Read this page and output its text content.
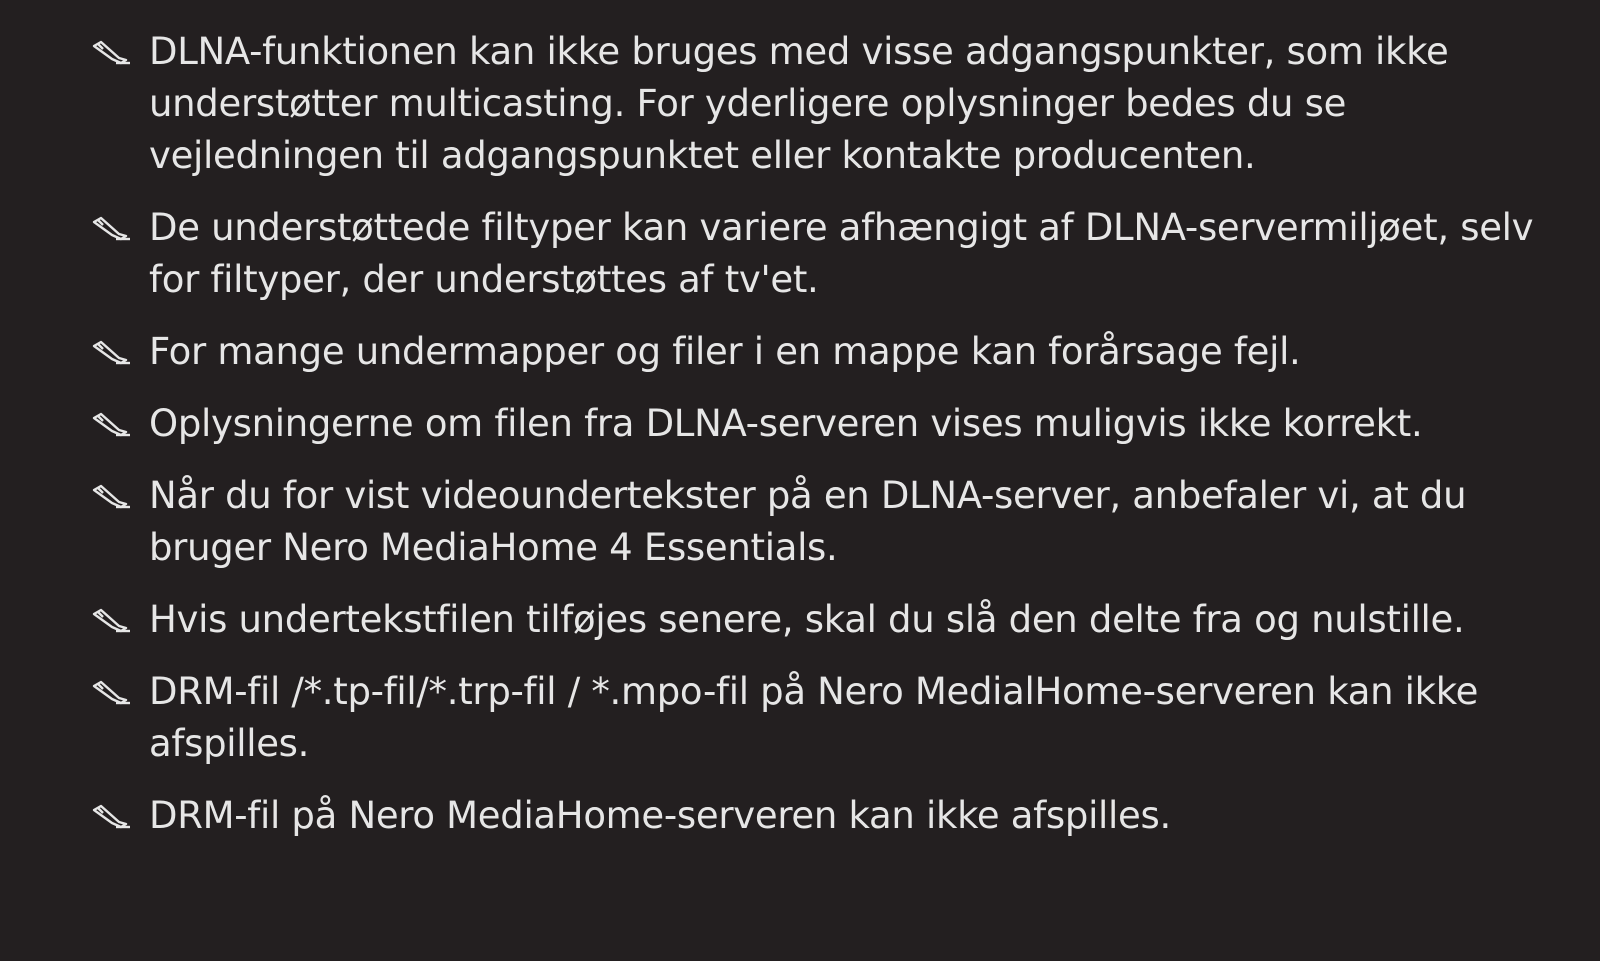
DLNA-funktionen kan ikke bruges med visse adgangspunkter, som ikke understøtter multicasting. For yderligere oplysninger bedes du se vejledningen til adgangspunktet eller kontakte producenten.
De understøttede filtyper kan variere afhængigt af DLNA-servermiljøet, selv for filtyper, der understøttes af tv'et.
For mange undermapper og filer i en mappe kan forårsage fejl.
Oplysningerne om filen fra DLNA-serveren vises muligvis ikke korrekt.
Når du for vist videoundertekster på en DLNA-server, anbefaler vi, at du bruger Nero MediaHome 4 Essentials.
Hvis undertekstfilen tilføjes senere, skal du slå den delte fra og nulstille.
DRM-fil /*.tp-fil/*.trp-fil / *.mpo-fil på Nero MedialHome-serveren kan ikke afspilles.
DRM-fil på Nero MediaHome-serveren kan ikke afspilles.
